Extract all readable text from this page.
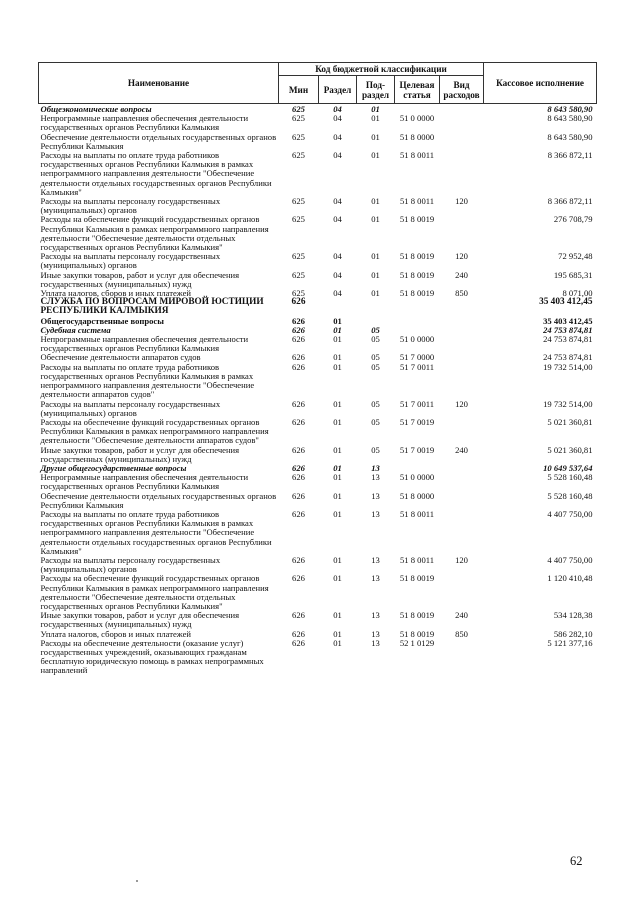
Наименование	Код бюджетной классификации					Кассовое исполнение
	Мин	Раздел	Под-раздел	Целевая статья	Вид расходов	
Общеэкономические вопросы	625	04	01			8 643 580,90
Непрограммные направления обеспечения деятельности государственных органов Республики Калмыкия	625	04	01	51 0 0000		8 643 580,90
Обеспечение деятельности отдельных государственных органов Республики Калмыкия	625	04	01	51 8 0000		8 643 580,90
Расходы на выплаты по оплате труда работников государственных органов Республики Калмыкия в рамках непрограммного направления деятельности "Обеспечение деятельности отдельных государственных органов Республики Калмыкия"	625	04	01	51 8 0011		8 366 872,11
Расходы на выплаты персоналу государственных (муниципальных) органов	625	04	01	51 8 0011	120	8 366 872,11
Расходы на обеспечение функций государственных органов Республики Калмыкия в рамках непрограммного направления деятельности "Обеспечение деятельности отдельных государственных органов Республики Калмыкия"	625	04	01	51 8 0019		276 708,79
Расходы на выплаты персоналу государственных (муниципальных) органов	625	04	01	51 8 0019	120	72 952,48
Иные закупки товаров, работ и услуг для обеспечения государственных (муниципальных) нужд	625	04	01	51 8 0019	240	195 685,31
Уплата налогов, сборов и иных платежей	625	04	01	51 8 0019	850	8 071,00
СЛУЖБА ПО ВОПРОСАМ МИРОВОЙ ЮСТИЦИИ РЕСПУБЛИКИ КАЛМЫКИЯ	626					35 403 412,45
Общегосударственные вопросы	626	01				35 403 412,45
Судебная система	626	01	05			24 753 874,81
Непрограммные направления обеспечения деятельности государственных органов Республики Калмыкия	626	01	05	51 0 0000		24 753 874,81
Обеспечение деятельности аппаратов судов	626	01	05	51 7 0000		24 753 874,81
Расходы на выплаты по оплате труда работников государственных органов Республики Калмыкия в рамках непрограммного направления деятельности "Обеспечение деятельности аппаратов судов"	626	01	05	51 7 0011		19 732 514,00
Расходы на выплаты персоналу государственных (муниципальных) органов	626	01	05	51 7 0011	120	19 732 514,00
Расходы на обеспечение функций государственных органов Республики Калмыкия в рамках непрограммного направления деятельности "Обеспечение деятельности аппаратов судов"	626	01	05	51 7 0019		5 021 360,81
Иные закупки товаров, работ и услуг для обеспечения государственных (муниципальных) нужд	626	01	05	51 7 0019	240	5 021 360,81
Другие общегосударственные вопросы	626	01	13			10 649 537,64
Непрограммные направления обеспечения деятельности государственных органов Республики Калмыкия	626	01	13	51 0 0000		5 528 160,48
Обеспечение деятельности отдельных государственных органов Республики Калмыкия	626	01	13	51 8 0000		5 528 160,48
Расходы на выплаты по оплате труда работников государственных органов Республики Калмыкия в рамках непрограммного направления деятельности "Обеспечение деятельности отдельных государственных органов Республики Калмыкия"	626	01	13	51 8 0011		4 407 750,00
Расходы на выплаты персоналу государственных (муниципальных) органов	626	01	13	51 8 0011	120	4 407 750,00
Расходы на обеспечение функций государственных органов Республики Калмыкия в рамках непрограммного направления деятельности "Обеспечение деятельности отдельных государственных органов Республики Калмыкия"	626	01	13	51 8 0019		1 120 410,48
Иные закупки товаров, работ и услуг для обеспечения государственных (муниципальных) нужд	626	01	13	51 8 0019	240	534 128,38
Уплата налогов, сборов и иных платежей	626	01	13	51 8 0019	850	586 282,10
Расходы на обеспечение деятельности (оказание услуг) государственных учреждений, оказывающих гражданам бесплатную юридическую помощь в рамках непрограммных направлений	626	01	13	52 1 0129		5 121 377,16
62
